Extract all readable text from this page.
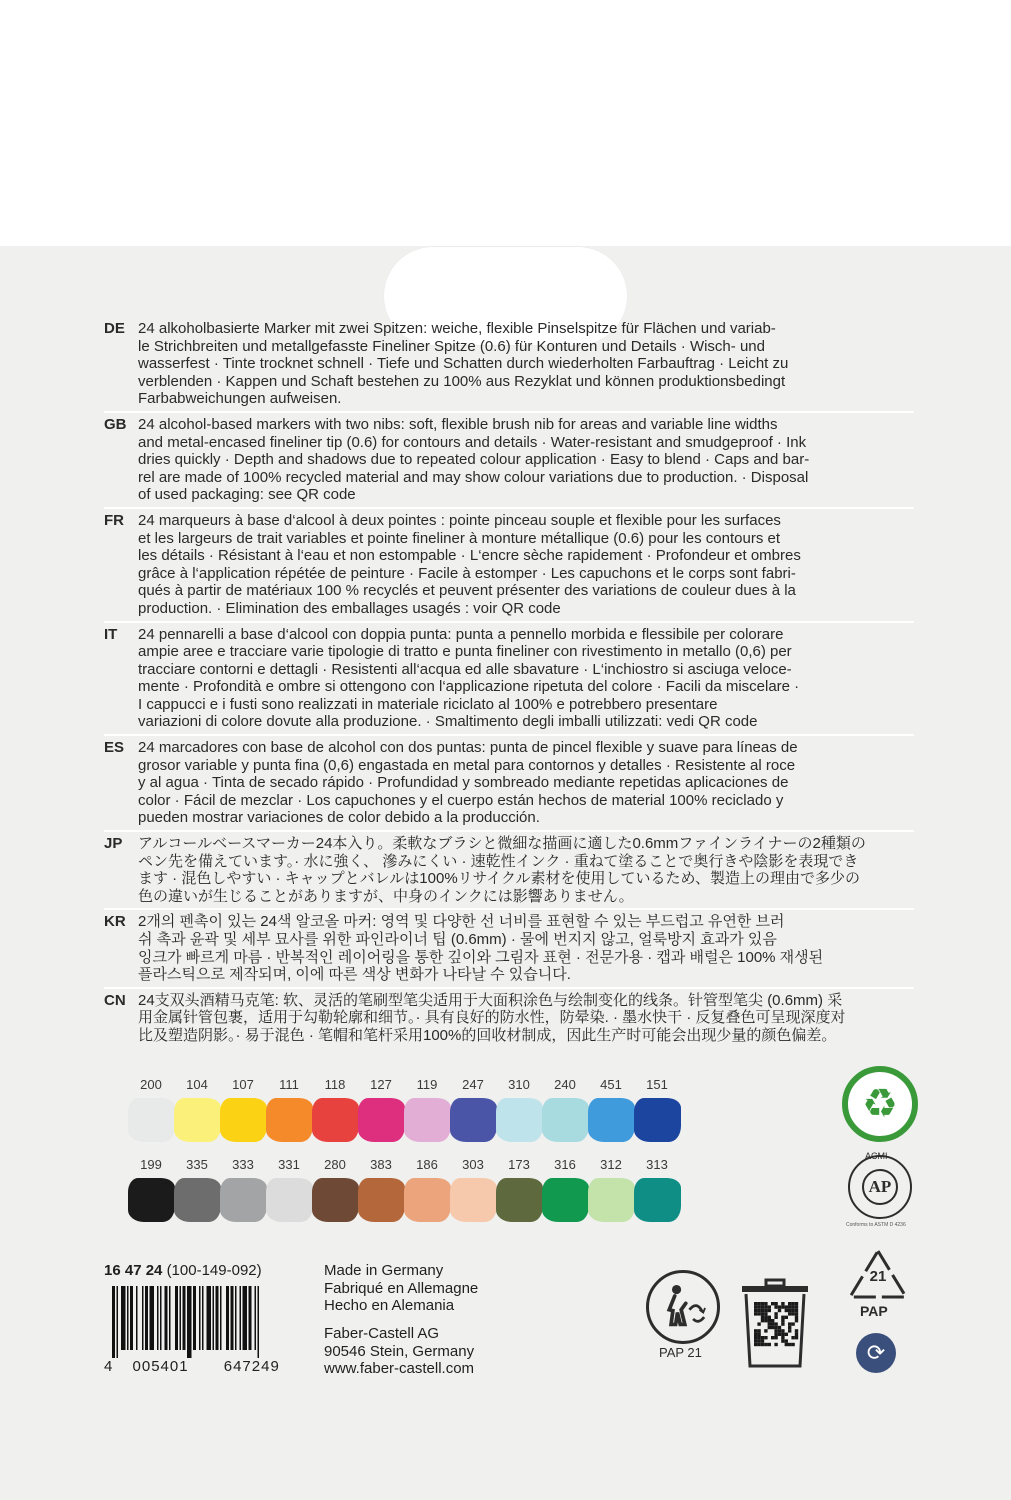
DE 24 alkoholbasierte Marker mit zwei Spitzen: weiche, flexible Pinselspitze für Flächen und variab-
le Strichbreiten und metallgefasste Fineliner Spitze (0.6) für Konturen und Details · Wisch- und
wasserfest · Tinte trocknet schnell · Tiefe und Schatten durch wiederholten Farbauftrag · Leicht zu
verblenden · Kappen und Schaft bestehen zu 100% aus Rezyklat und können produktionsbedingt
Farbabweichungen aufweisen.
GB 24 alcohol-based markers with two nibs: soft, flexible brush nib for areas and variable line widths
and metal-encased fineliner tip (0.6) for contours and details · Water-resistant and smudgeproof · Ink
dries quickly · Depth and shadows due to repeated colour application · Easy to blend · Caps and bar-
rel are made of 100% recycled material and may show colour variations due to production. · Disposal
of used packaging: see QR code
FR 24 marqueurs à base d‘alcool à deux pointes : pointe pinceau souple et flexible pour les surfaces
et les largeurs de trait variables et pointe fineliner à monture métallique (0.6) pour les contours et
les détails · Résistant à l‘eau et non estompable · L‘encre sèche rapidement · Profondeur et ombres
grâce à l‘application répétée de peinture · Facile à estomper · Les capuchons et le corps sont fabri-
qués à partir de matériaux 100 % recyclés et peuvent présenter des variations de couleur dues à la
production. · Elimination des emballages usagés : voir QR code
IT 24 pennarelli a base d‘alcool con doppia punta: punta a pennello morbida e flessibile per colorare
ampie aree e tracciare varie tipologie di tratto e punta fineliner con rivestimento in metallo (0,6) per
tracciare contorni e dettagli · Resistenti all‘acqua ed alle sbavature · L‘inchiostro si asciuga veloce-
mente · Profondità e ombre si ottengono con l‘applicazione ripetuta del colore · Facili da miscelare ·
I cappucci e i fusti sono realizzati in materiale riciclato al 100% e potrebbero presentare
variazioni di colore dovute alla produzione. · Smaltimento degli imballi utilizzati: vedi QR code
ES 24 marcadores con base de alcohol con dos puntas: punta de pincel flexible y suave para líneas de
grosor variable y punta fina (0,6) engastada en metal para contornos y detalles · Resistente al roce
y al agua · Tinta de secado rápido · Profundidad y sombreado mediante repetidas aplicaciones de
color · Fácil de mezclar · Los capuchones y el cuerpo están hechos de material 100% reciclado y
pueden mostrar variaciones de color debido a la producción.
JP アルコールベースマーカー24本入り。柔軟なブラシと微細な描画に適した0.6mmファインライナーの2種類の
ペン先を備えています。· 水に強く、 滲みにくい · 速乾性インク · 重ねて塗ることで奥行きや陰影を表現でき
ます · 混色しやすい · キャップとバレルは100%リサイクル素材を使用しているため、製造上の理由で多少の
色の違いが生じることがありますが、中身のインクには影響ありません。
KR 2개의 펜촉이 있는 24색 알코올 마커: 영역 및 다양한 선 너비를 표현할 수 있는 부드럽고 유연한 브러
쉬 촉과 윤곽 및 세부 묘사를 위한 파인라이너 팁 (0.6mm) · 물에 번지지 않고, 얼룩방지 효과가 있음
잉크가 빠르게 마름 · 반복적인 레이어링을 통한 깊이와 그림자 표현 · 전문가용 · 캡과 배럴은 100% 재생된
플라스틱으로 제작되며, 이에 따른 색상 변화가 나타날 수 있습니다.
CN 24支双头酒精马克笔: 软、灵活的笔刷型笔尖适用于大面积涂色与绘制变化的线条。针管型笔尖 (0.6mm) 采
用金属针管包裹，适用于勾勒轮廓和细节。· 具有良好的防水性，防晕染. · 墨水快干 · 反复叠色可呈现深度对
比及塑造阴影。· 易于混色 · 笔帽和笔杆采用100%的回收材制成，因此生产时可能会出现少量的颜色偏差。
200 104 107 111 118 127 119 247 310 240 451 151
199 335 333 331 280 383 186 303 173 316 312 313
♻
AP
ACMI
Conforms to ASTM D 4236
16 47 24 (100-149-092)
4 005401 647249
Made in Germany
Fabriqué en Allemagne
Hecho en Alemania
Faber-Castell AG
90546 Stein, Germany
www.faber-castell.com
PAP 21
21
PAP
⟳
